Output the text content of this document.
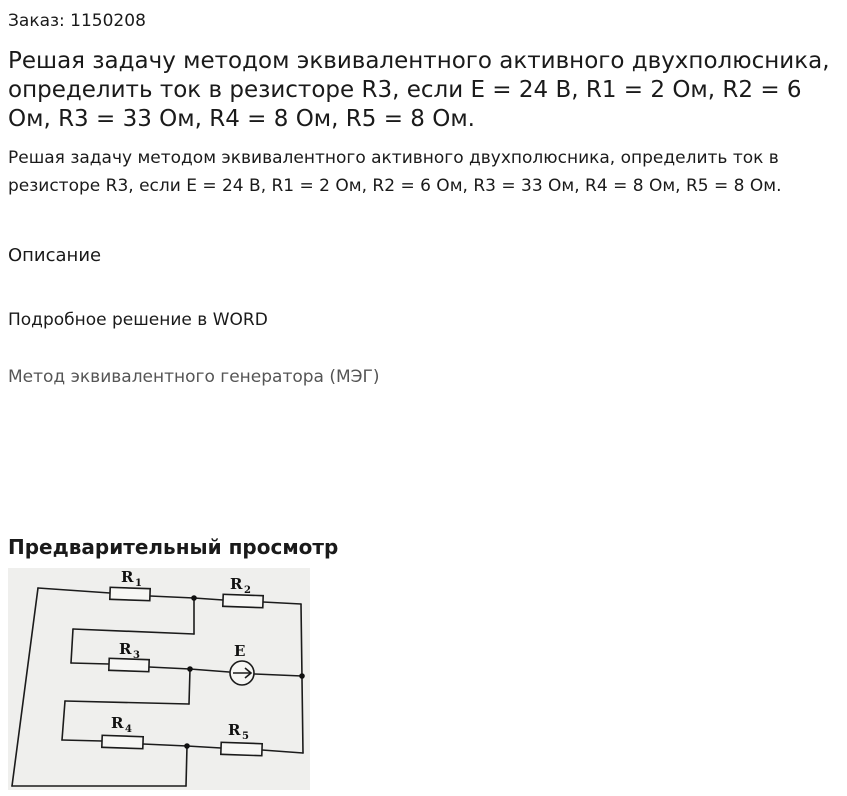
Заказ: 1150208
Решая задачу методом эквивалентного активного двухполюсника, определить ток в резисторе R3, если E = 24 В, R1 = 2 Ом, R2 = 6 Ом, R3 = 33 Ом, R4 = 8 Ом, R5 = 8 Ом.

Решая задачу методом эквивалентного активного двухполюсника, определить ток в резисторе R3, если E = 24 В, R1 = 2 Ом, R2 = 6 Ом, R3 = 33 Ом, R4 = 8 Ом, R5 = 8 Ом.

Описание
Подробное решение в WORD
Метод эквивалентного генератора (МЭГ)
Предварительный просмотр
R 1	R 2
R 3	E
R 4	R 5
